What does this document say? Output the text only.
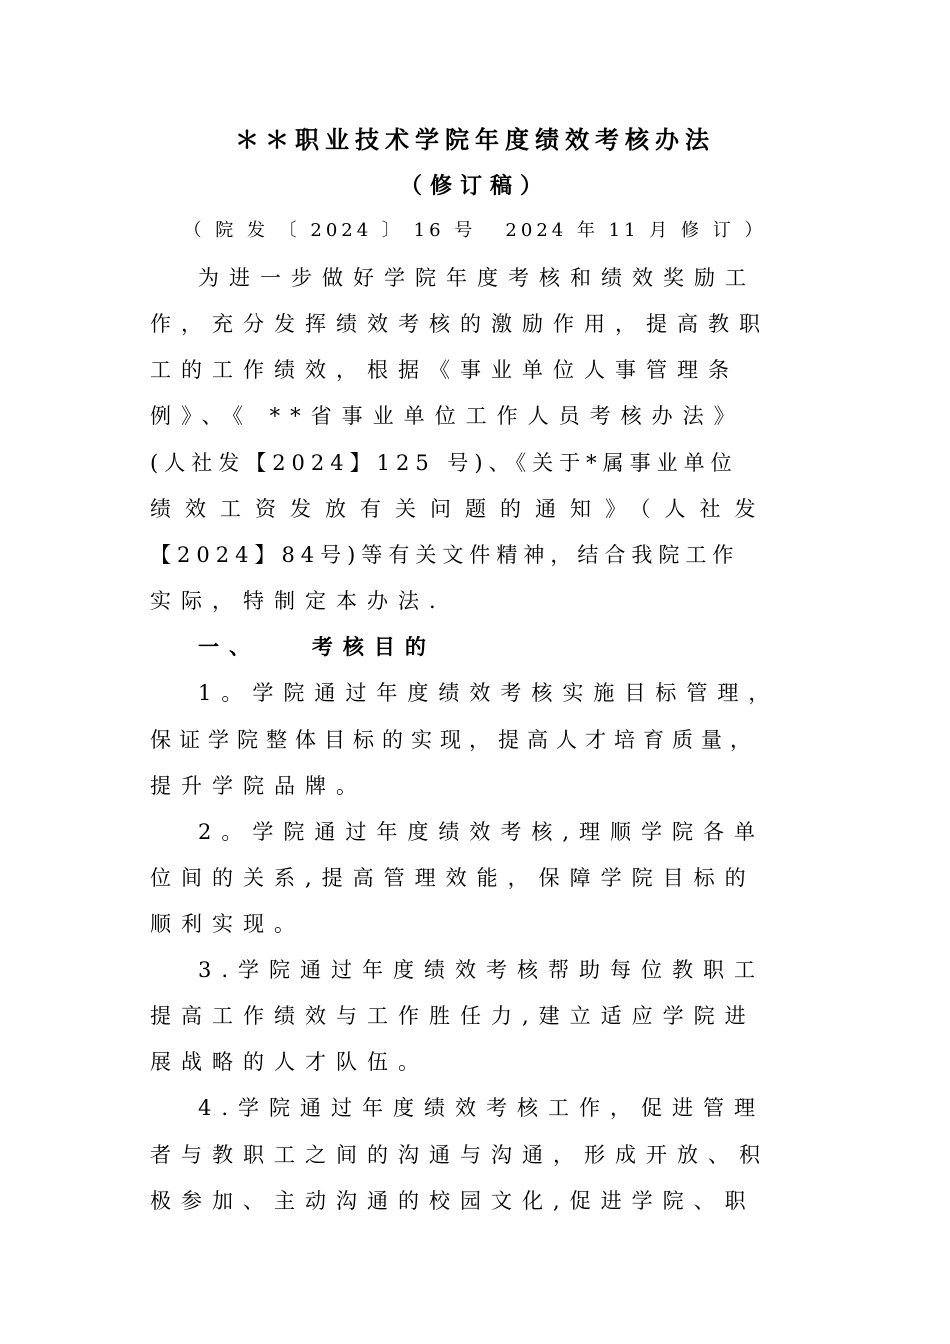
＊＊职业技术学院年度绩效考核办法
（修订稿）
（ 院 发 〔 2024 〕 16 号   2024 年 11 月 修 订 ）
为进一步做好学院年度考核和绩效奖励工
作，充分发挥绩效考核的激励作用，提高教职
工的工作绩效，根据《事业单位人事管理条
例》、《 **省事业单位工作人员考核办法》
(人社发【2024】125 号)、《关于*属事业单位
绩效工资发放有关问题的通知》（人社发
【2024】84号)等有关文件精神，结合我院工作
实际，特制定本办法.
一、   考核目的
1。学院通过年度绩效考核实施目标管理，
保证学院整体目标的实现，提高人才培育质量，
提升学院品牌。
2。学院通过年度绩效考核,理顺学院各单
位间的关系,提高管理效能，保障学院目标的
顺利实现。
3.学院通过年度绩效考核帮助每位教职工
提高工作绩效与工作胜任力,建立适应学院进
展战略的人才队伍。
4.学院通过年度绩效考核工作，促进管理
者与教职工之间的沟通与沟通，形成开放、积
极参加、主动沟通的校园文化,促进学院、职
